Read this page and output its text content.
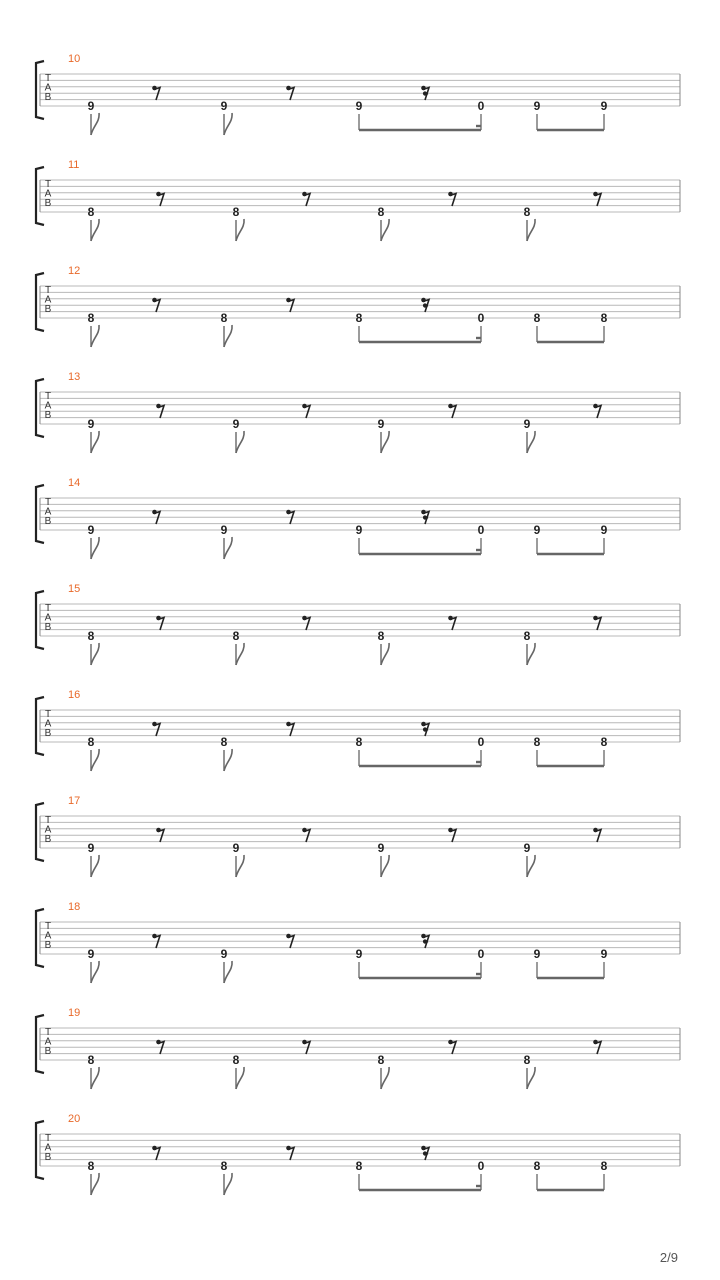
10
T
A
B
9	9	9	0	9	9
11
T
A
B
8	8	8	8
12
T
A
B
8	8	8	0	8	8
13
T
A
B
9	9	9	9
14
T
A
B
9	9	9	0	9	9
15
T
A
B
8	8	8	8
16
T
A
B
8	8	8	0	8	8
17
T
A
B
9	9	9	9
18
T
A
B
9	9	9	0	9	9
19
T
A
B
8	8	8	8
20
T
A
B
8	8	8	0	8	8
2/9
